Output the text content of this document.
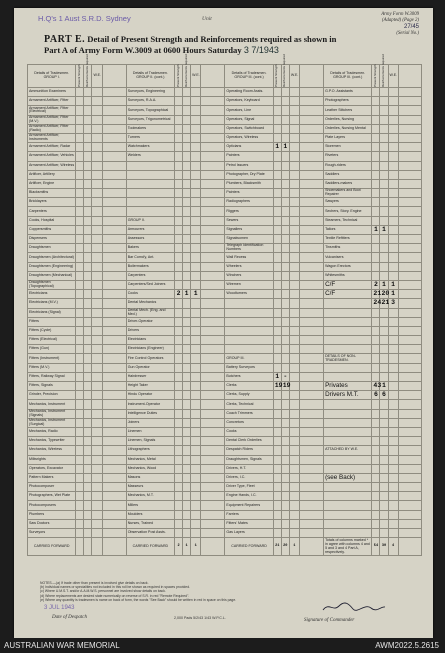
H.Q's 1 Aust S.R.D. Sydney	Unit
Army Form W.3009
(Adapted) (Page 2)
27/45
(Serial No.)
PART E. Detail of Present Strength and Reinforcements required as shown in
Part A of Army Form W.3009 at 0600 Hours Saturday 3 7/1943
Details of Tradesmen. GROUP I.	Present Strength	Reinforcements required	W.E.		Details of Tradesmen. GROUP II. (cont.)	Present Strength	Reinforcements required	W.E.		Details of Tradesmen. GROUP III. (cont.)	Present Strength	Reinforcements required	W.E.		Details of Tradesmen. GROUP III. (cont.)	Present Strength	Reinforcements required	W.E.	
Ammunition Examiners					Surveyors, Engineering					Operating Room Assts.					G.P.O. Assistants				
Armament Artificer, Fitter					Surveyors, R.A.A.					Operators, Keyboard					Photographers				
Armament Artificer, Fitter (Electrical)					Surveyors, Topographical					Operators, Line					Leather Stitchers				
Armament Artificer, Fitter (M.V.)					Surveyors, Trigonometrical					Operators, Signal					Orderlies, Nursing				
Armament Artificer, Fitter (Radio)					Toolmakers					Operators, Switchboard					Orderlies, Nursing Mental				
Armament Artificer, Instruments					Turners					Operators, Wireless					Plate Layers				
Armament Artificer, Radar					Watchmakers					Opticians	1	1			Storemen				
Armament Artificer, Vehicles					Welders					Painters					Riveters				
Armament Artificer, Wireless										Petrol Issuers					Rough-riders				
Artificer, Artillery										Photographer, Dry Plate					Saddlers				
Artificer, Engine										Plumbers, Blacksmith					Saddlers-makers				
Blacksmiths										Painters					Shoemakers and Boot Repairer				
Bricklayers										Radiographers					Sawyers				
Carpenters										Riggers					Sechers, Story. Engine				
Cooks, Hospital					GROUP II.					Sewers					Steamers, Technical				
Coppersmiths					Armourers					Signallers					Tailors	1	1		
Dispensers					Assessors					Signalwomen					Textile Refitters				
Draughtsmen					Bakers					Telegraph Identification Numbers					Tinsmiths				
Draughtsmen (Architectural)					Bar Comd'y, Ant.					Wall Recess					Vulcanisers				
Draughtsmen (Engineering)					Boilermakers					Wheelers					Wagon Erectors				
Draughtsmen (Mechanical)					Carpenters					Winchers					Whitesmiths				
Draughtsmen (Topographical)					Carpenters/Sed Joiners					Wiremen					C/F	2	1	1	
Electricians					Cooks	2	1	1		Woodturners					C/F	21	20	1	
Electricians (M.V.)					Dental Mechanics											24	21	3	
Electricians (Signal)					Dental Mech. (Eng. and Med.)														
Fitters					Driver-Operator														
Fitters (Cycle)					Drivers														
Fitters (Electrical)					Electricians														
Fitters (Gun)					Electricians (Engineer)														
Fitters (Instrument)					Fire Control Operators					GROUP III.					DETAILS OF NON-TRADESMEN.				
Fitters (M.V.)					Gun Operator					Battery Surveyors									
Fitters, Railway Signal					Hairdresser					Butchers	1	-							
Fitters, Signals					Height Taker					Clerks	19	19			Privates	43	1		
Grinder, Precision					Hindu Operator					Clerks, Supply					Drivers M.T.	6	6		
Mechanics, Instrument					Instrument-Operator					Clerks, Technical									
Mechanics, Instrument (Signals)					Intelligence Duties					Coach Trimmers									
Mechanics, Instrument (Surgical)					Joiners					Concretors									
Mechanics, Radio					Linemen					Cooks									
Mechanics, Typewriter					Linemen, Signals					Dental Clerk Orderlies									
Mechanics, Wireless					Lithographers					Despatch Riders					ATTACHED BY W.E.				
Millwrights					Mechanics, Metal					Draughtsmen, Signals									
Operators, Excavator					Mechanics, Wood					Drivers, H.T.									
Pattern Makers					Masons					Drivers, I.C.					(see Back)				
Photocomposer					Masseurs					Driver Type, Fleet									
Photographers, Wet Plate					Mechanics, M.T.					Engine Hands, I.C.									
Photocomposers					Millers					Equipment Repairers									
Plumbers					Moulders					Farriers									
Saw Doctors					Nurses, Trained					Fitters' Mates									
Surveyors					Observation Post Assts.					Gas Layers									
CARRIED FORWARD					CARRIED FORWARD	2	1	1		CARRIED FORWARD	21	20	1		Totals of columns marked * in agree with columns 4 and 5 and 3 and 4 Part A, respectively.	54	30	4	
NOTES.—(a) If trade other than present is involved give details on back.
(b) Individual names or specialities not included in this roll be shown as required in spaces provided.
(c) Where U.M.S.T. and/or A.A.M.W.S. personnel are involved show details on back.
(d) Where replacements are desired state numerically on reverse of S.R. in red "Remote Required".
(e) Where any quantity is tradesmen is name on back of form, the words "See Back" should be written in red in space on this page.
3 JUL 1943
Date of Despatch	2,000 Pads 5/2/43 1/43 W.P.C.L.	Signature of Commander
AUSTRALIAN WAR MEMORIAL	AWM2022.5.2615
